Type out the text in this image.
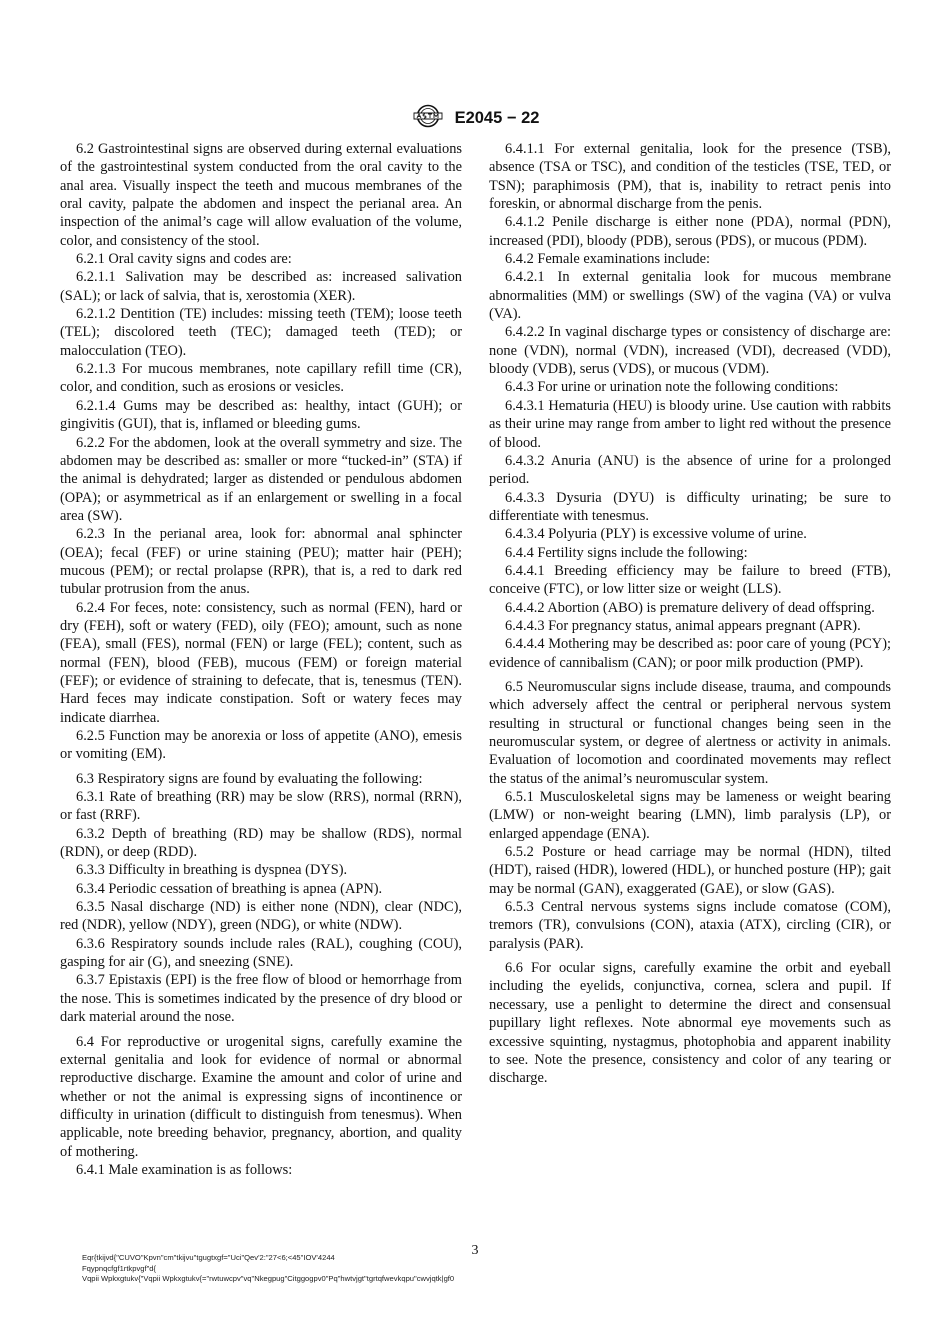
E2045 − 22

6.2 Gastrointestinal signs are observed during external evaluations of the gastrointestinal system conducted from the oral cavity to the anal area. Visually inspect the teeth and mucous membranes of the oral cavity, palpate the abdomen and inspect the perianal area. An inspection of the animal’s cage will allow evaluation of the volume, color, and consistency of the stool.

6.2.1 Oral cavity signs and codes are:

6.2.1.1 Salivation may be described as: increased salivation (SAL); or lack of salvia, that is, xerostomia (XER).

6.2.1.2 Dentition (TE) includes: missing teeth (TEM); loose teeth (TEL); discolored teeth (TEC); damaged teeth (TED); or malocculation (TEO).

6.2.1.3 For mucous membranes, note capillary refill time (CR), color, and condition, such as erosions or vesicles.

6.2.1.4 Gums may be described as: healthy, intact (GUH); or gingivitis (GUI), that is, inflamed or bleeding gums.

6.2.2 For the abdomen, look at the overall symmetry and size. The abdomen may be described as: smaller or more “tucked-in” (STA) if the animal is dehydrated; larger as distended or pendulous abdomen (OPA); or asymmetrical as if an enlargement or swelling in a focal area (SW).

6.2.3 In the perianal area, look for: abnormal anal sphincter (OEA); fecal (FEF) or urine staining (PEU); matter hair (PEH); mucous (PEM); or rectal prolapse (RPR), that is, a red to dark red tubular protrusion from the anus.

6.2.4 For feces, note: consistency, such as normal (FEN), hard or dry (FEH), soft or watery (FED), oily (FEO); amount, such as none (FEA), small (FES), normal (FEN) or large (FEL); content, such as normal (FEN), blood (FEB), mucous (FEM) or foreign material (FEF); or evidence of straining to defecate, that is, tenesmus (TEN). Hard feces may indicate constipation. Soft or watery feces may indicate diarrhea.

6.2.5 Function may be anorexia or loss of appetite (ANO), emesis or vomiting (EM).

6.3 Respiratory signs are found by evaluating the following:

6.3.1 Rate of breathing (RR) may be slow (RRS), normal (RRN), or fast (RRF).

6.3.2 Depth of breathing (RD) may be shallow (RDS), normal (RDN), or deep (RDD).

6.3.3 Difficulty in breathing is dyspnea (DYS).

6.3.4 Periodic cessation of breathing is apnea (APN).

6.3.5 Nasal discharge (ND) is either none (NDN), clear (NDC), red (NDR), yellow (NDY), green (NDG), or white (NDW).

6.3.6 Respiratory sounds include rales (RAL), coughing (COU), gasping for air (G), and sneezing (SNE).

6.3.7 Epistaxis (EPI) is the free flow of blood or hemorrhage from the nose. This is sometimes indicated by the presence of dry blood or dark material around the nose.

6.4 For reproductive or urogenital signs, carefully examine the external genitalia and look for evidence of normal or abnormal reproductive discharge. Examine the amount and color of urine and whether or not the animal is expressing signs of incontinence or difficulty in urination (difficult to distinguish from tenesmus). When applicable, note breeding behavior, pregnancy, abortion, and quality of mothering.

6.4.1 Male examination is as follows:

6.4.1.1 For external genitalia, look for the presence (TSB), absence (TSA or TSC), and condition of the testicles (TSE, TED, or TSN); paraphimosis (PM), that is, inability to retract penis into foreskin, or abnormal discharge from the penis.

6.4.1.2 Penile discharge is either none (PDA), normal (PDN), increased (PDI), bloody (PDB), serous (PDS), or mucous (PDM).

6.4.2 Female examinations include:

6.4.2.1 In external genitalia look for mucous membrane abnormalities (MM) or swellings (SW) of the vagina (VA) or vulva (VA).

6.4.2.2 In vaginal discharge types or consistency of discharge are: none (VDN), normal (VDN), increased (VDI), decreased (VDD), bloody (VDB), serus (VDS), or mucous (VDM).

6.4.3 For urine or urination note the following conditions:

6.4.3.1 Hematuria (HEU) is bloody urine. Use caution with rabbits as their urine may range from amber to light red without the presence of blood.

6.4.3.2 Anuria (ANU) is the absence of urine for a prolonged period.

6.4.3.3 Dysuria (DYU) is difficulty urinating; be sure to differentiate with tenesmus.

6.4.3.4 Polyuria (PLY) is excessive volume of urine.

6.4.4 Fertility signs include the following:

6.4.4.1 Breeding efficiency may be failure to breed (FTB), conceive (FTC), or low litter size or weight (LLS).

6.4.4.2 Abortion (ABO) is premature delivery of dead offspring.

6.4.4.3 For pregnancy status, animal appears pregnant (APR).

6.4.4.4 Mothering may be described as: poor care of young (PCY); evidence of cannibalism (CAN); or poor milk production (PMP).

6.5 Neuromuscular signs include disease, trauma, and compounds which adversely affect the central or peripheral nervous system resulting in structural or functional changes being seen in the neuromuscular system, or degree of alertness or activity in animals. Evaluation of locomotion and coordinated movements may reflect the status of the animal’s neuromuscular system.

6.5.1 Musculoskeletal signs may be lameness or weight bearing (LMW) or non-weight bearing (LMN), limb paralysis (LP), or enlarged appendage (ENA).

6.5.2 Posture or head carriage may be normal (HDN), tilted (HDT), raised (HDR), lowered (HDL), or hunched posture (HP); gait may be normal (GAN), exaggerated (GAE), or slow (GAS).

6.5.3 Central nervous systems signs include comatose (COM), tremors (TR), convulsions (CON), ataxia (ATX), circling (CIR), or paralysis (PAR).

6.6 For ocular signs, carefully examine the orbit and eyeball including the eyelids, conjunctiva, cornea, sclera and pupil. If necessary, use a penlight to determine the direct and consensual pupillary light reflexes. Note abnormal eye movements such as excessive squinting, nystagmus, photophobia and apparent inability to see. Note the presence, consistency and color of any tearing or discharge.

3
Eqr{tkijvd{"CUVO"Kpvn"cm"tkijvu"tgugtxgf="Uci"Qev'2:"27<6;<45"IOV'4244
Fqypnqcfgf1rtkpvgf"d{
Vqpii Wpkxgtukv{"Vqpii Wpkxgtukv{="rwtuwcpv"vq"Nkegpug"Citggogpv0"Pq"hwtvjgt"tgrtqfwevkqpu"cwvjqtk|gf0
